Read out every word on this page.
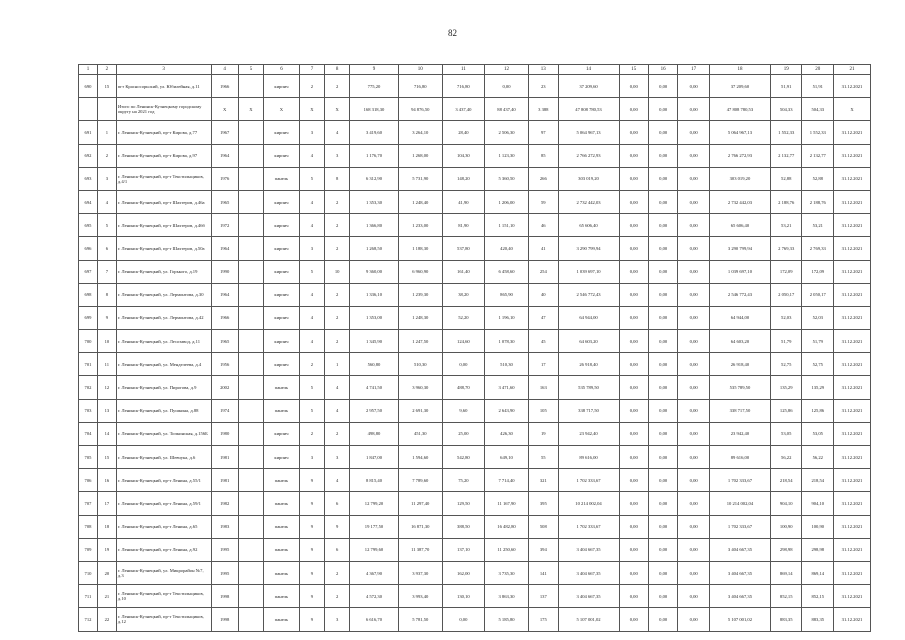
82
1	2	3	4	5	6	7	8	9	10	11	12	13	14	15	16	17	18	19	20	21
690	15	пгт Красносорьский, ул. Юбилейная, д.11	1966		кирпич	2	2	775,20	716,80	716,80	0,00	23	37 209,60	0,00	0,00	0,00	37 209,60	51,91	51,91	31.12.2021
		Итого по Ленинск-Кузнецкому городскому округу на 2021 год	X	X	X	X	X	168 318,30	94 876,50	3 437,40	88 437,40	3 388	47 808 780,53	0,00	0,00	0,00	47 808 780,53	504,33	504,33	X
691	1	г. Ленинск-Кузнецкий, пр-т Кирова, д.77	1967		кирпич	3	4	3 419,60	3 264,10	28,40	2 506,30	97	5 064 967,13	0,00	0,00	0,00	5 064 967,13	1 552,33	1 552,33	31.12.2021
692	2	г. Ленинск-Кузнецкий, пр-т Кирова, д.97	1964		кирпич	4	3	1 176,70	1 268,00	104,30	1 123,30	85	2 766 272,93	0,00	0,00	0,00	2 766 272,93	2 132,77	2 132,77	31.12.2021
693	3	г. Ленинск-Кузнецкий, пр-т Текстильщиков, д.4/1	1976		панель	5	8	6 312,90	5 731,90	148,20	5 360,50	266	303 019,20	0,00	0,00	0,00	303 019,20	52,88	52,88	31.12.2021
694	4	г. Ленинск-Кузнецкий, пр-т Шахтеров, д.46а	1965		кирпич	4	2	1 353,30	1 248,40	41,90	1 206,00	59	2 732 442,03	0,00	0,00	0,00	2 732 442,03	2 188,76	2 188,76	31.12.2021
695	5	г. Ленинск-Кузнецкий, пр-т Шахтеров, д.46б	1972		кирпич	4	2	1 366,80	1 233,00	81,90	1 151,10	46	65 606,40	0,00	0,00	0,00	65 606,40	53,21	53,21	31.12.2021
696	6	г. Ленинск-Кузнецкий, пр-т Шахтеров, д.50а	1964		кирпич	3	2	1 268,50	1 188,30	537,80	420,40	41	3 290 799,94	0,00	0,00	0,00	3 290 799,94	2 769,33	2 769,33	31.12.2021
697	7	г. Ленинск-Кузнецкий, ул. Горького, д.19	1990		кирпич	5	10	9 360,00	6 960,90	161,40	6 458,60	254	1 039 697,10	0,00	0,00	0,00	1 039 697,10	172,09	172,09	31.12.2021
698	8	г. Ленинск-Кузнецкий, ул. Лермонтова, д.30	1964		кирпич	4	2	1 336,10	1 239,30	38,20	865,90	40	2 546 772,43	0,00	0,00	0,00	2 546 772,43	2 050,17	2 050,17	31.12.2021
699	9	г. Ленинск-Кузнецкий, ул. Лермонтова, д.42	1966		кирпич	4	2	1 353,00	1 248,30	52,20	1 196,10	47	64 944,00	0,00	0,00	0,00	64 944,00	52,03	52,03	31.12.2021
700	10	г. Ленинск-Кузнецкий, ул. Лесозавод, д.11	1965		кирпич	4	2	1 345,90	1 247,50	124,60	1 078,30	45	64 603,20	0,00	0,00	0,00	64 603,20	51,79	51,79	31.12.2021
701	11	г. Ленинск-Кузнецкий, ул. Менделеева, д.4	1956		кирпич	2	1	560,80	510,30	0,00	510,30	17	26 918,40	0,00	0,00	0,00	26 918,40	52,75	52,75	31.12.2021
702	12	г. Ленинск-Кузнецкий, ул. Пирогова, д.9	2002		панель	5	4	4 741,50	3 960,30	488,70	3 471,60	163	535 789,50	0,00	0,00	0,00	535 789,50	135,29	135,29	31.12.2021
703	13	г. Ленинск-Кузнецкий, ул. Пушкина, д.88	1974		панель	5	4	2 957,50	2 691,30	9,60	2 643,90	105	338 717,50	0,00	0,00	0,00	338 717,50	125,86	125,86	31.12.2021
704	14	г. Ленинск-Кузнецкий, ул. Топкинская, д.156Б	1980		кирпич	2	2	498,80	451,30	25,00	426,30	19	23 942,40	0,00	0,00	0,00	23 942,40	53,05	53,05	31.12.2021
705	15	г. Ленинск-Кузнецкий, ул. Шевчука, д.6	1981		кирпич	3	3	1 847,00	1 594,60	542,80	649,10	55	89 616,00	0,00	0,00	0,00	89 616,00	56,22	56,22	31.12.2021
706	16	г. Ленинск-Кузнецкий, пр-т Ленина, д.55/1	1981		панель	9	4	8 815,40	7 789,60	75,20	7 714,40	321	1 702 333,67	0,00	0,00	0,00	1 702 333,67	218,54	218,54	31.12.2021
707	17	г. Ленинск-Кузнецкий, пр-т Ленина, д.59/1	1982		панель	9	6	12 799,20	11 297,40	129,50	11 167,90	395	10 214 002,04	0,00	0,00	0,00	10 214 002,04	904,10	904,10	31.12.2021
708	18	г. Ленинск-Кузнецкий, пр-т Ленина, д.65	1983		панель	9	9	19 177,50	16 871,30	388,50	16 482,80	508	1 702 333,67	0,00	0,00	0,00	1 702 333,67	100,90	100,90	31.12.2021
709	19	г. Ленинск-Кузнецкий, пр-т Ленина, д.92	1995		панель	9	6	12 799,60	11 387,70	137,10	11 250,60	394	3 404 667,35	0,00	0,00	0,00	3 404 667,35	298,98	298,98	31.12.2021
710	20	г. Ленинск-Кузнецкий, ул. Микрорайон №7, д.3	1995		панель	9	2	4 367,90	3 937,30	162,00	3 735,30	141	3 404 667,35	0,00	0,00	0,00	3 404 667,35	869,14	869,14	31.12.2021
711	21	г. Ленинск-Кузнецкий, пр-т Текстильщиков, д.10	1998		панель	9	2	4 572,30	3 993,40	130,10	3 863,30	137	3 404 667,35	0,00	0,00	0,00	3 404 667,35	852,15	852,15	31.12.2021
712	22	г. Ленинск-Кузнецкий, пр-т Текстильщиков, д.12	1998		панель	9	3	6 616,70	5 781,50	0,00	5 185,80	175	5 107 001,02	0,00	0,00	0,00	5 107 001,02	883,35	883,35	31.12.2021
